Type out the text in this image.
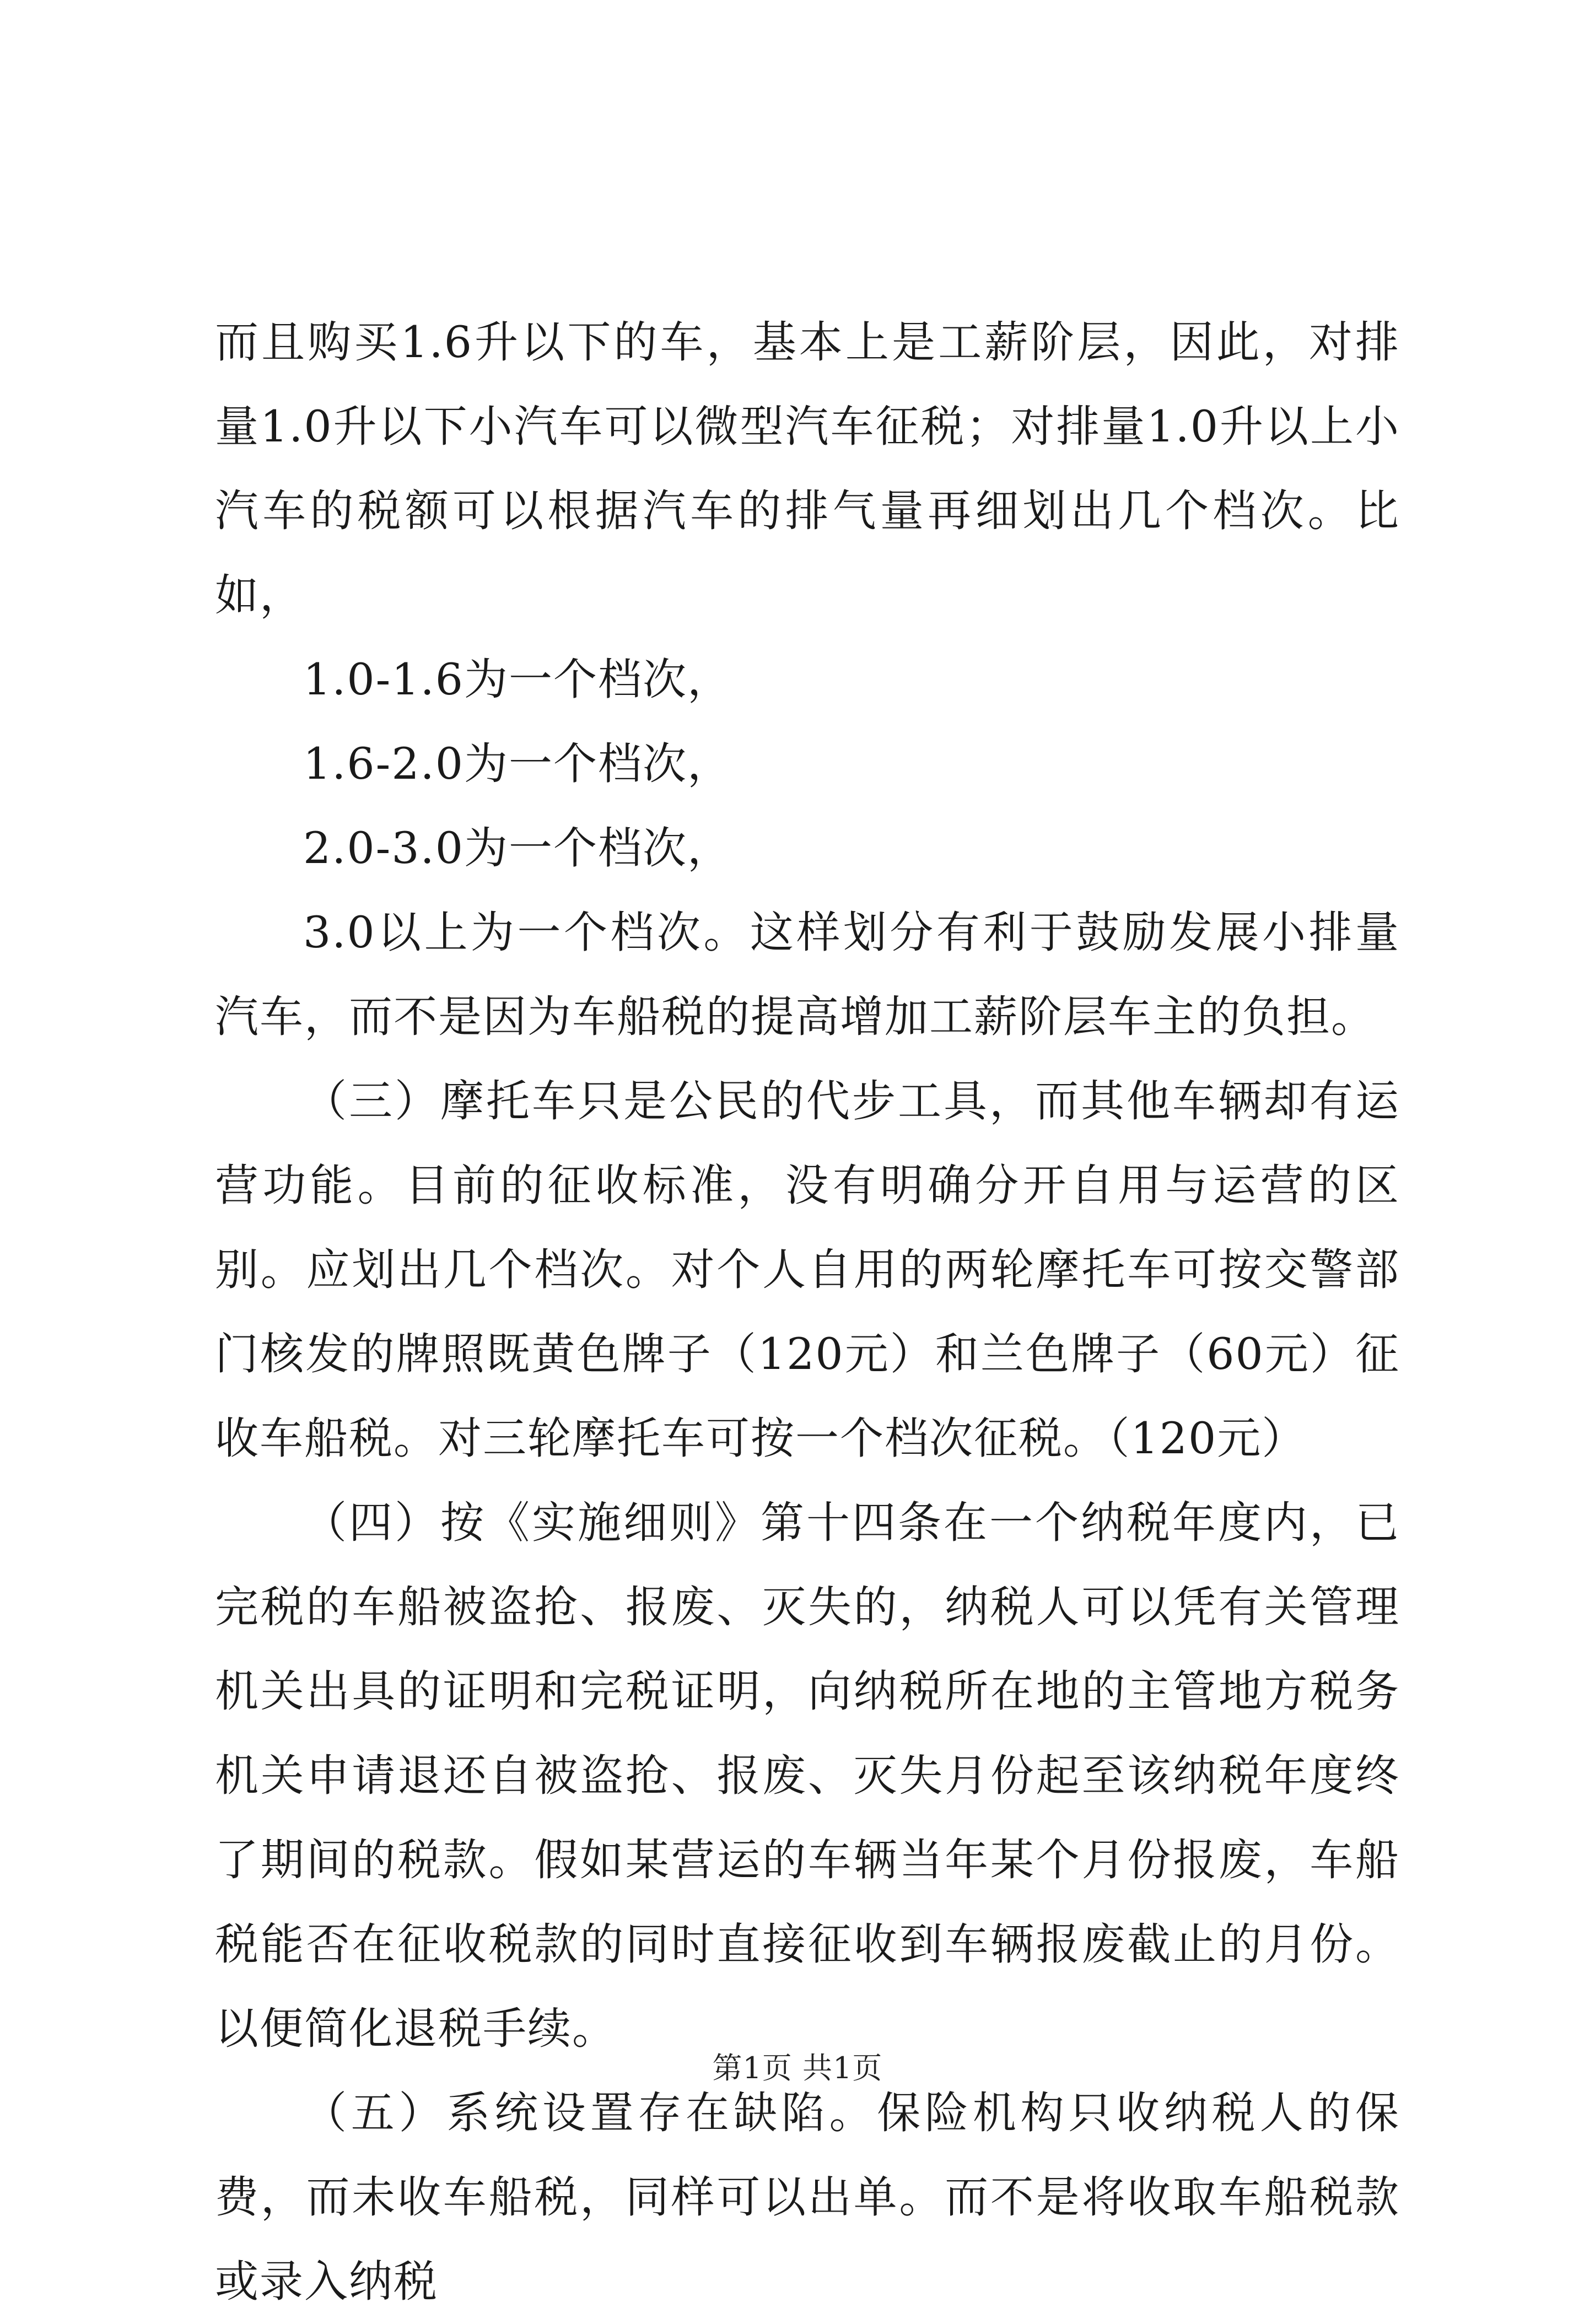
而且购买1.6升以下的车，基本上是工薪阶层，因此，对排量1.0升以下小汽车可以微型汽车征税；对排量1.0升以上小汽车的税额可以根据汽车的排气量再细划出几个档次。比如，

1.0-1.6为一个档次，

1.6-2.0为一个档次，

2.0-3.0为一个档次，

3.0以上为一个档次。这样划分有利于鼓励发展小排量汽车，而不是因为车船税的提高增加工薪阶层车主的负担。

（三）摩托车只是公民的代步工具，而其他车辆却有运营功能。目前的征收标准，没有明确分开自用与运营的区别。应划出几个档次。对个人自用的两轮摩托车可按交警部门核发的牌照既黄色牌子（120元）和兰色牌子（60元）征收车船税。对三轮摩托车可按一个档次征税。（120元）

（四）按《实施细则》第十四条在一个纳税年度内，已完税的车船被盗抢、报废、灭失的，纳税人可以凭有关管理机关出具的证明和完税证明，向纳税所在地的主管地方税务机关申请退还自被盗抢、报废、灭失月份起至该纳税年度终了期间的税款。假如某营运的车辆当年某个月份报废，车船税能否在征收税款的同时直接征收到车辆报废截止的月份。以便简化退税手续。

（五）系统设置存在缺陷。保险机构只收纳税人的保费，而未收车船税，同样可以出单。而不是将收取车船税款或录入纳税

第1页 共1页
